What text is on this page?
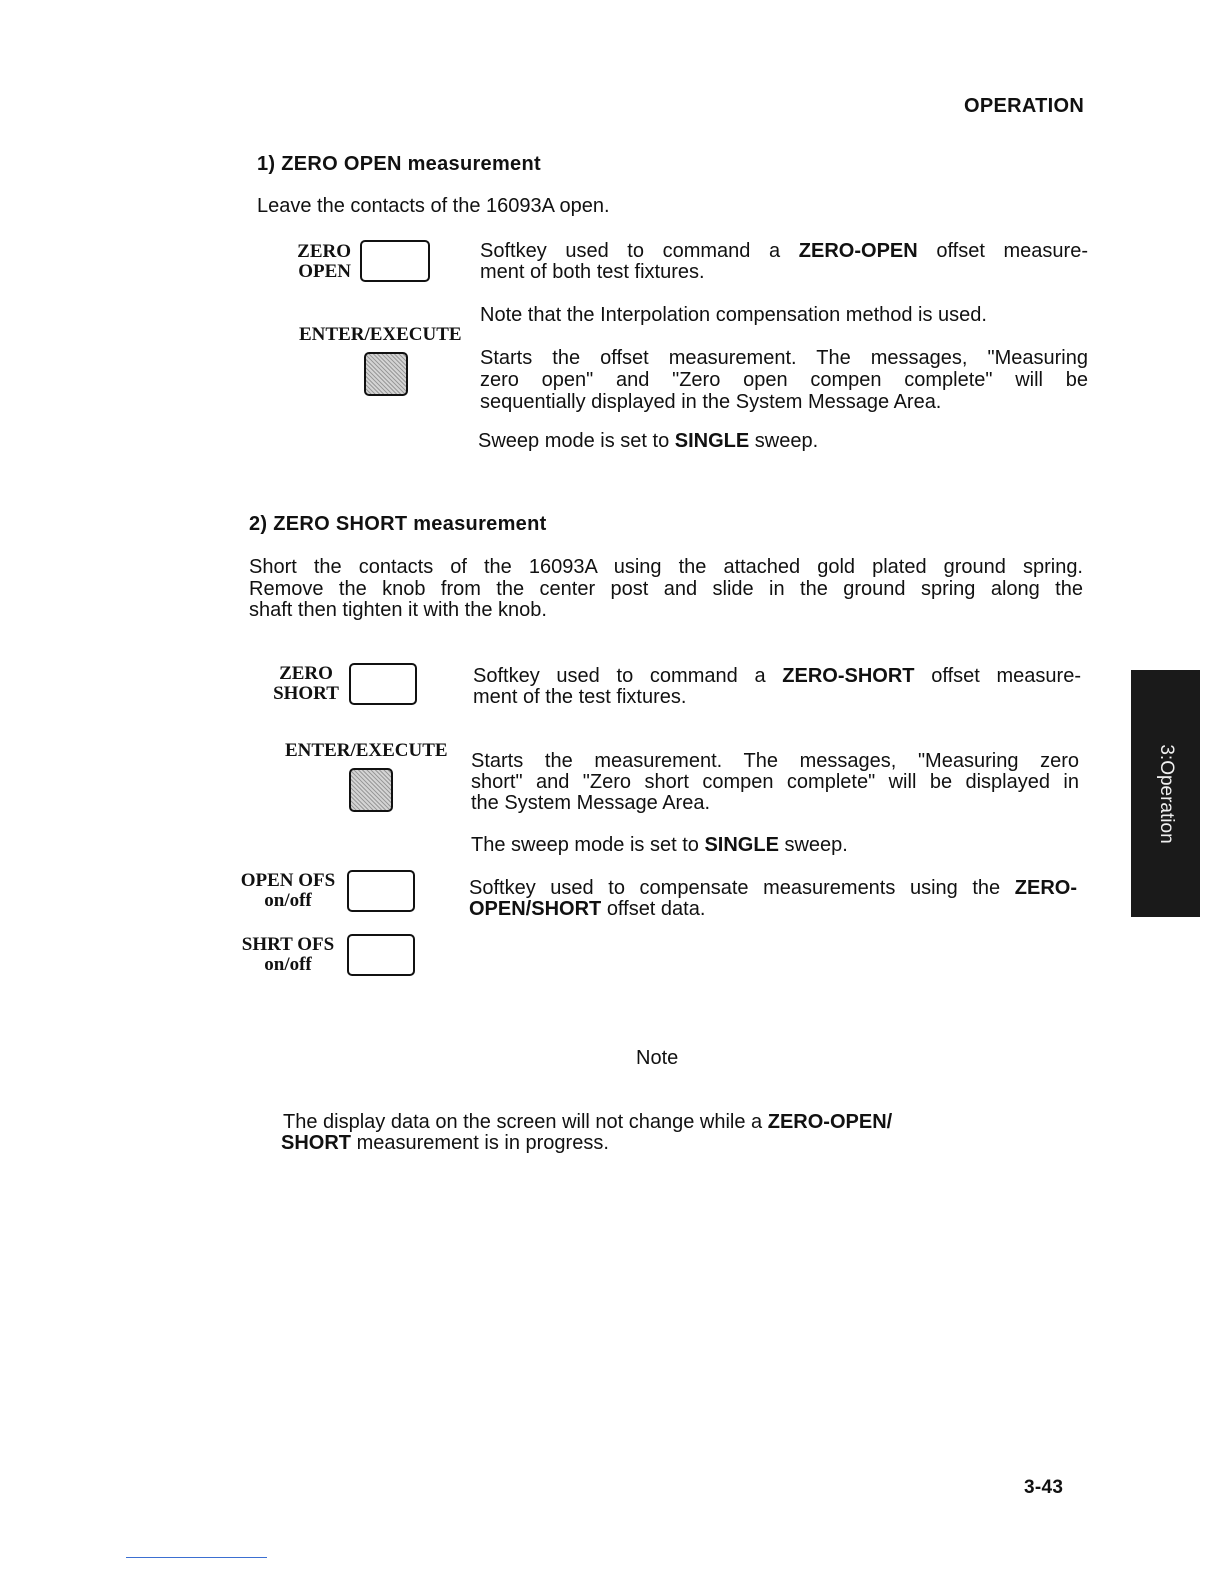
OPERATION
3:Operation
1) ZERO OPEN measurement
Leave the contacts of the 16093A open.
ZERO
OPEN
Softkey used to command a ZERO-OPEN offset measure-
ment of both test fixtures.
Note that the Interpolation compensation method is used.
ENTER/EXECUTE
Starts the offset measurement. The messages, "Measuring
zero open" and "Zero open compen complete" will be
sequentially displayed in the System Message Area.
Sweep mode is set to SINGLE sweep.
2) ZERO SHORT measurement
Short the contacts of the 16093A using the attached gold plated ground spring.
Remove the knob from the center post and slide in the ground spring along the
shaft then tighten it with the knob.
ZERO
SHORT
Softkey used to command a ZERO-SHORT offset measure-
ment of the test fixtures.
ENTER/EXECUTE Starts the measurement. The messages, "Measuring zero
short" and "Zero short compen complete" will be displayed in
the System Message Area.
The sweep mode is set to SINGLE sweep.
OPEN OFS
on/off
Softkey used to compensate measurements using the ZERO-
OPEN/SHORT offset data.
SHRT OFS
on/off
Note
The display data on the screen will not change while a ZERO-OPEN/
SHORT measurement is in progress.
3-43
